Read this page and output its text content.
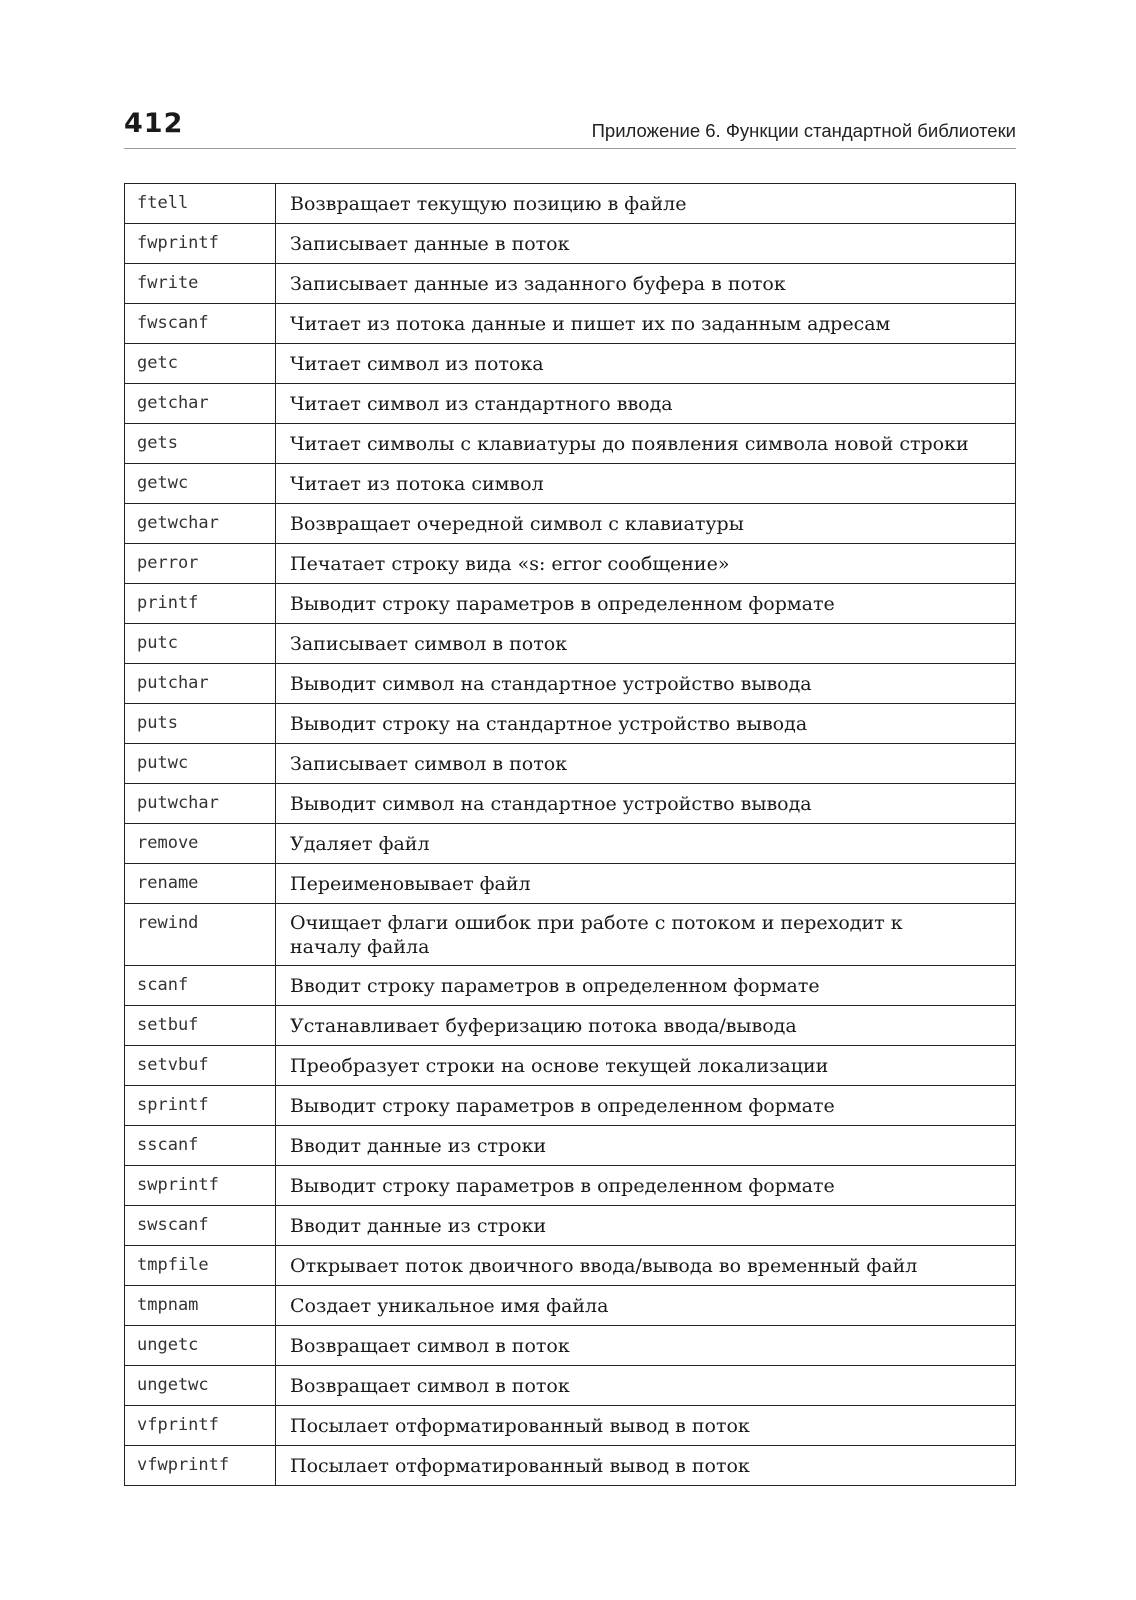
412	Приложение 6. Функции стандартной библиотеки
ftell	Возвращает текущую позицию в файле
fwprintf	Записывает данные в поток
fwrite	Записывает данные из заданного буфера в поток
fwscanf	Читает из потока данные и пишет их по заданным адресам
getc	Читает символ из потока
getchar	Читает символ из стандартного ввода
gets	Читает символы с клавиатуры до появления символа новой строки
getwc	Читает из потока символ
getwchar	Возвращает очередной символ с клавиатуры
perror	Печатает строку вида «s: error сообщение»
printf	Выводит строку параметров в определенном формате
putc	Записывает символ в поток
putchar	Выводит символ на стандартное устройство вывода
puts	Выводит строку на стандартное устройство вывода
putwc	Записывает символ в поток
putwchar	Выводит символ на стандартное устройство вывода
remove	Удаляет файл
rename	Переименовывает файл
rewind	Очищает флаги ошибок при работе с потоком и переходит к началу файла
scanf	Вводит строку параметров в определенном формате
setbuf	Устанавливает буферизацию потока ввода/вывода
setvbuf	Преобразует строки на основе текущей локализации
sprintf	Выводит строку параметров в определенном формате
sscanf	Вводит данные из строки
swprintf	Выводит строку параметров в определенном формате
swscanf	Вводит данные из строки
tmpfile	Открывает поток двоичного ввода/вывода во временный файл
tmpnam	Создает уникальное имя файла
ungetc	Возвращает символ в поток
ungetwc	Возвращает символ в поток
vfprintf	Посылает отформатированный вывод в поток
vfwprintf	Посылает отформатированный вывод в поток
